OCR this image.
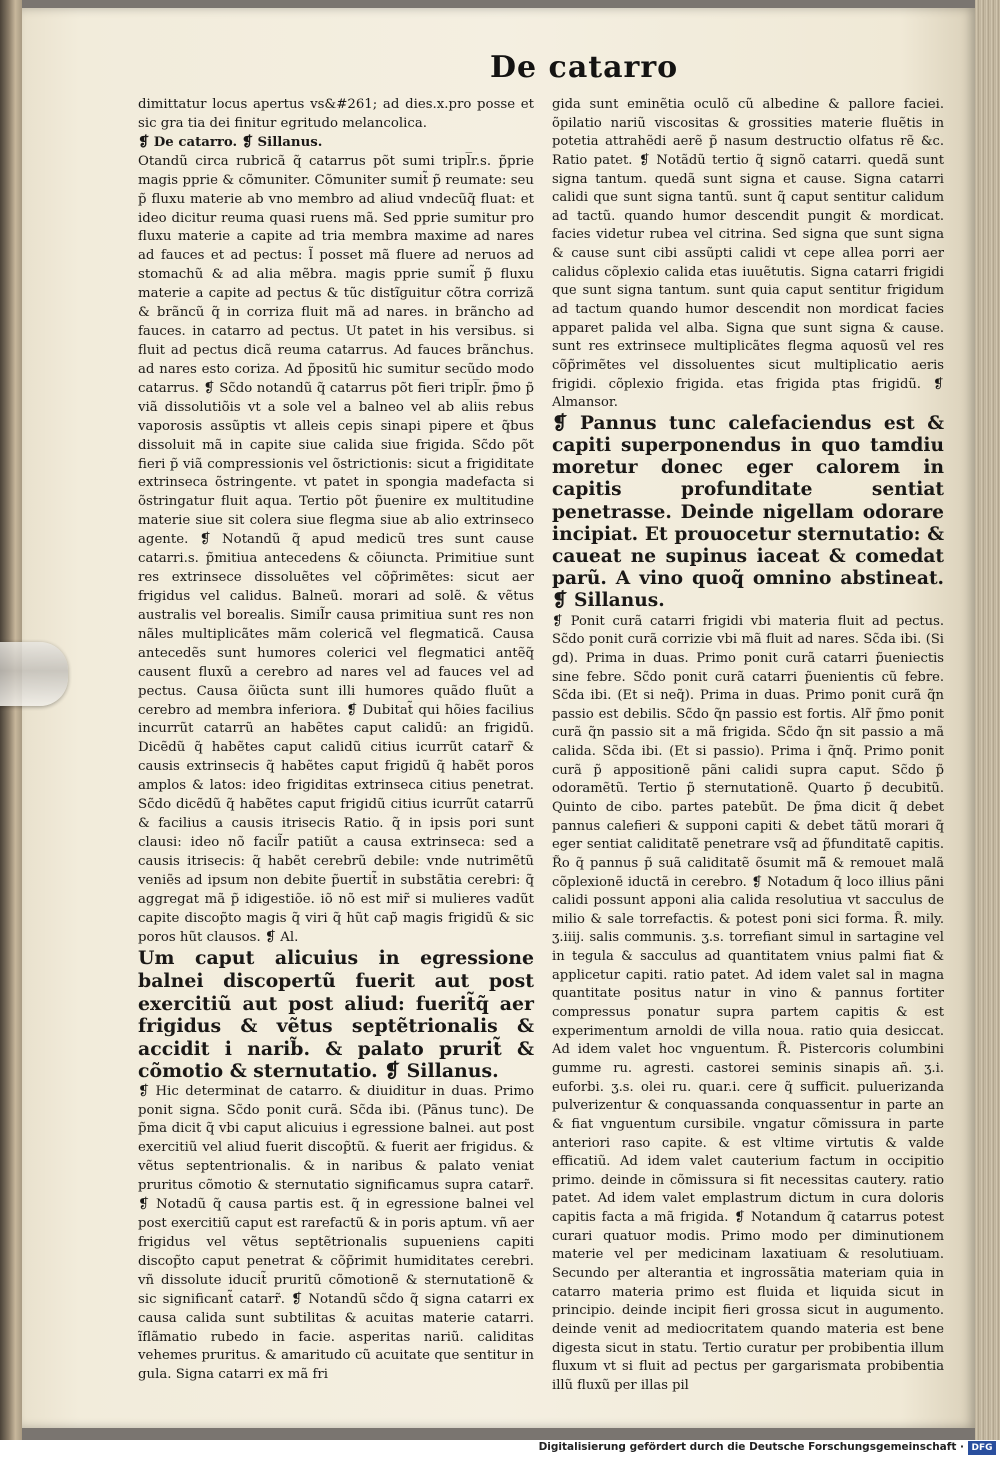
De catarro

dimittatur locus apertus vs&#261; ad dies.x.pro posse et sic gra tia dei finitur egritudo melancolica.

❡ De catarro. ❡ Sillanus.

Otandũ circa rubricã q̃ catarrus põt sumi tripl̅r.s. p̃prie magis pprie & cõmuniter. Cõmuniter sumit̃ p̃ reumate: seu p̃ fluxu materie ab vno membro ad aliud vndecũq̃ fluat: et ideo dicitur reuma quasi ruens mã. Sed pprie sumitur pro fluxu materie a capite ad tria membra maxime ad nares ad fauces et ad pectus: l̃ posset mã fluere ad neruos ad stomachũ & ad alia mẽbra. magis pprie sumit̃ p̃ fluxu materie a capite ad pectus & tũc distĩguitur cõtra corrizã & brãncũ q̃ in corriza fluit mã ad nares. in brãncho ad fauces. in catarro ad pectus. Ut patet in his versibus. si fluit ad pectus dicã reuma catarrus. Ad fauces brãnchus. ad nares esto coriza. Ad p̃positũ hic sumitur secũdo modo catarrus. ❡ Sc̃do notandũ q̃ catarrus põt fieri tripl̅r. p̃mo p̃ viã dissolutiõis vt a sole vel a balneo vel ab aliis rebus vaporosis assũptis vt alleis cepis sinapi pipere et q̃bus dissoluit mã in capite siue calida siue frigida. Sc̃do põt fieri p̃ viã compressionis vel õstrictionis: sicut a frigiditate extrinseca õstringente. vt patet in spongia madefacta si õstringatur fluit aqua. Tertio põt p̃uenire ex multitudine materie siue sit colera siue flegma siue ab alio extrinseco agente. ❡ Notandũ q̃ apud medicũ tres sunt cause catarri.s. p̃mitiua antecedens & cõiuncta. Primitiue sunt res extrinsece dissoluẽtes vel cõp̃rimẽtes: sicut aer frigidus vel calidus. Balneũ. morari ad solẽ. & vẽtus australis vel borealis. Simil̃r causa primitiua sunt res non nãles multiplicãtes mãm colericã vel flegmaticã. Causa antecedẽs sunt humores colerici vel flegmatici antẽq̃ causent fluxũ a cerebro ad nares vel ad fauces vel ad pectus. Causa õiũcta sunt illi humores quãdo fluũt a cerebro ad membra inferiora. ❡ Dubitat̃ qui hõies facilius incurrũt catarrũ an habẽtes caput calidũ: an frigidũ. Dicẽdũ q̃ habẽtes caput calidũ citius icurrũt catarr̃ & causis extrinsecis q̃ habẽtes caput frigidũ q̃ habẽt poros amplos & latos: ideo frigiditas extrinseca citius penetrat. Sc̃do dicẽdũ q̃ habẽtes caput frigidũ citius icurrũt catarrũ & facilius a causis itrisecis Ratio. q̃ in ipsis pori sunt clausi: ideo nõ facil̃r patiũt a causa extrinseca: sed a causis itrisecis: q̃ habẽt cerebrũ debile: vnde nutrimẽtũ veniẽs ad ipsum non debite p̃uertit̃ in substãtia cerebri: q̃ aggregat mã p̃ idigestiõe. iõ nõ est mir̃ si mulieres vadũt capite discop̃to magis q̃ viri q̃ hũt cap̃ magis frigidũ & sic poros hũt clausos. ❡ Al.

Um caput alicuius in egressione balnei discopertũ fuerit aut post exercitiũ aut post aliud: fuerit̃q̃ aer frigidus & vẽtus septẽtrionalis & accidit i narib̃. & palato prurit̃ & cõmotio & sternutatio. ❡ Sillanus.

❡ Hic determinat de catarro. & diuiditur in duas. Primo ponit signa. Sc̃do ponit curã. Sc̃da ibi. (Pãnus tunc). De p̃ma dicit q̃ vbi caput alicuius i egressione balnei. aut post exercitiũ vel aliud fuerit discop̃tũ. & fuerit aer frigidus. & vẽtus septentrionalis. & in naribus & palato veniat pruritus cõmotio & sternutatio significamus supra catarr̃. ❡ Notadũ q̃ causa partis est. q̃ in egressione balnei vel post exercitiũ caput est rarefactũ & in poris aptum. vñ aer frigidus vel vẽtus septẽtrionalis supueniens capiti discop̃to caput penetrat & cõp̃rimit humiditates cerebri. vñ dissolute iducit̃ pruritũ cõmotionẽ & sternutationẽ & sic significant̃ catarr̃. ❡ Notandũ sc̃do q̃ signa catarri ex causa calida sunt subtilitas & acuitas materie catarri. ĩflãmatio rubedo in facie. asperitas nariũ. caliditas vehemes pruritus. & amaritudo cũ acuitate que sentitur in gula. Signa catarri ex mã fri

gida sunt eminẽtia oculõ cũ albedine & pallore faciei. õpilatio nariũ viscositas & grossities materie fluẽtis in potetia attrahẽdi aerẽ p̃ nasum destructio olfatus rẽ &c. Ratio patet. ❡ Notãdũ tertio q̃ signõ catarri. quedã sunt signa tantum. quedã sunt signa et cause. Signa catarri calidi que sunt signa tantũ. sunt q̃ caput sentitur calidum ad tactũ. quando humor descendit pungit & mordicat. facies videtur rubea vel citrina. Sed signa que sunt signa & cause sunt cibi assũpti calidi vt cepe allea porri aer calidus cõplexio calida etas iuuẽtutis. Signa catarri frigidi que sunt signa tantum. sunt quia caput sentitur frigidum ad tactum quando humor descendit non mordicat facies apparet palida vel alba. Signa que sunt signa & cause. sunt res extrinsece multiplicãtes flegma aquosũ vel res cõp̃rimẽtes vel dissoluentes sicut multiplicatio aeris frigidi. cõplexio frigida. etas frigida ptas frigidũ. ❡ Almansor.

❡ Pannus tunc calefaciendus est & capiti superponendus in quo tamdiu moretur donec eger calorem in capitis profunditate sentiat penetrasse. Deinde nigellam odorare incipiat. Et prouocetur sternutatio: & caueat ne supinus iaceat & comedat parũ. A vino quoq̃ omnino abstineat. ❡ Sillanus.

❡ Ponit curã catarri frigidi vbi materia fluit ad pectus. Sc̃do ponit curã corrizie vbi mã fluit ad nares. Sc̃da ibi. (Si gd). Prima in duas. Primo ponit curã catarri p̃ueniectis sine febre. Sc̃do ponit curã catarri p̃uenientis cũ febre. Sc̃da ibi. (Et si neq̃). Prima in duas. Primo ponit curã q̃n passio est debilis. Sc̃do q̃n passio est fortis. Alr̃ p̃mo ponit curã q̃n passio sit a mã frigida. Sc̃do q̃n sit passio a mã calida. Sc̃da ibi. (Et si passio). Prima i q̃nq̃. Primo ponit curã p̃ appositionẽ pãni calidi supra caput. Sc̃do p̃ odoramẽtũ. Tertio p̃ sternutationẽ. Quarto p̃ decubitũ. Quinto de cibo. partes patebũt. De p̃ma dicit q̃ debet pannus calefieri & supponi capiti & debet tãtũ morari q̃ eger sentiat caliditatẽ penetrare vsq̃ ad p̃funditatẽ capitis. R̃o q̃ pannus p̃ suã caliditatẽ õsumit mã̃ & remouet malã cõplexionẽ iductã in cerebro. ❡ Notadum q̃ loco illius pãni calidi possunt apponi alia calida resolutiua vt sacculus de milio & sale torrefactis. & potest poni sici forma. R̃. mily. ʒ.iiij. salis communis. ʒ.s. torrefiant simul in sartagine vel in tegula & sacculus ad quantitatem vnius palmi fiat & applicetur capiti. ratio patet. Ad idem valet sal in magna quantitate positus natur in vino & pannus fortiter compressus ponatur supra partem capitis & est experimentum arnoldi de villa noua. ratio quia desiccat. Ad idem valet hoc vnguentum. R̃. Pistercoris columbini gumme ru. agresti. castorei seminis sinapis añ. ʒ.i. euforbi. ʒ.s. olei ru. quar.i. cere q̃ sufficit. puluerizanda pulverizentur & conquassanda conquassentur in parte an & fiat vnguentum cursibile. vngatur cõmissura in parte anteriori raso capite. & est vltime virtutis & valde efficatiũ. Ad idem valet cauterium factum in occipitio primo. deinde in cõmissura si fit necessitas cautery. ratio patet. Ad idem valet emplastrum dictum in cura doloris capitis facta a mã frigida. ❡ Notandum q̃ catarrus potest curari quatuor modis. Primo modo per diminutionem materie vel per medicinam laxatiuam & resolutiuam. Secundo per alterantia et ingrossãtia materiam quia in catarro materia primo est fluida et liquida sicut in principio. deinde incipit fieri grossa sicut in augumento. deinde venit ad mediocritatem quando materia est bene digesta sicut in statu. Tertio curatur per probibentia illum fluxum vt si fluit ad pectus per gargarismata probibentia illũ fluxũ per illas pil

Digitalisierung gefördert durch die Deutsche Forschungsgemeinschaft · DFG
